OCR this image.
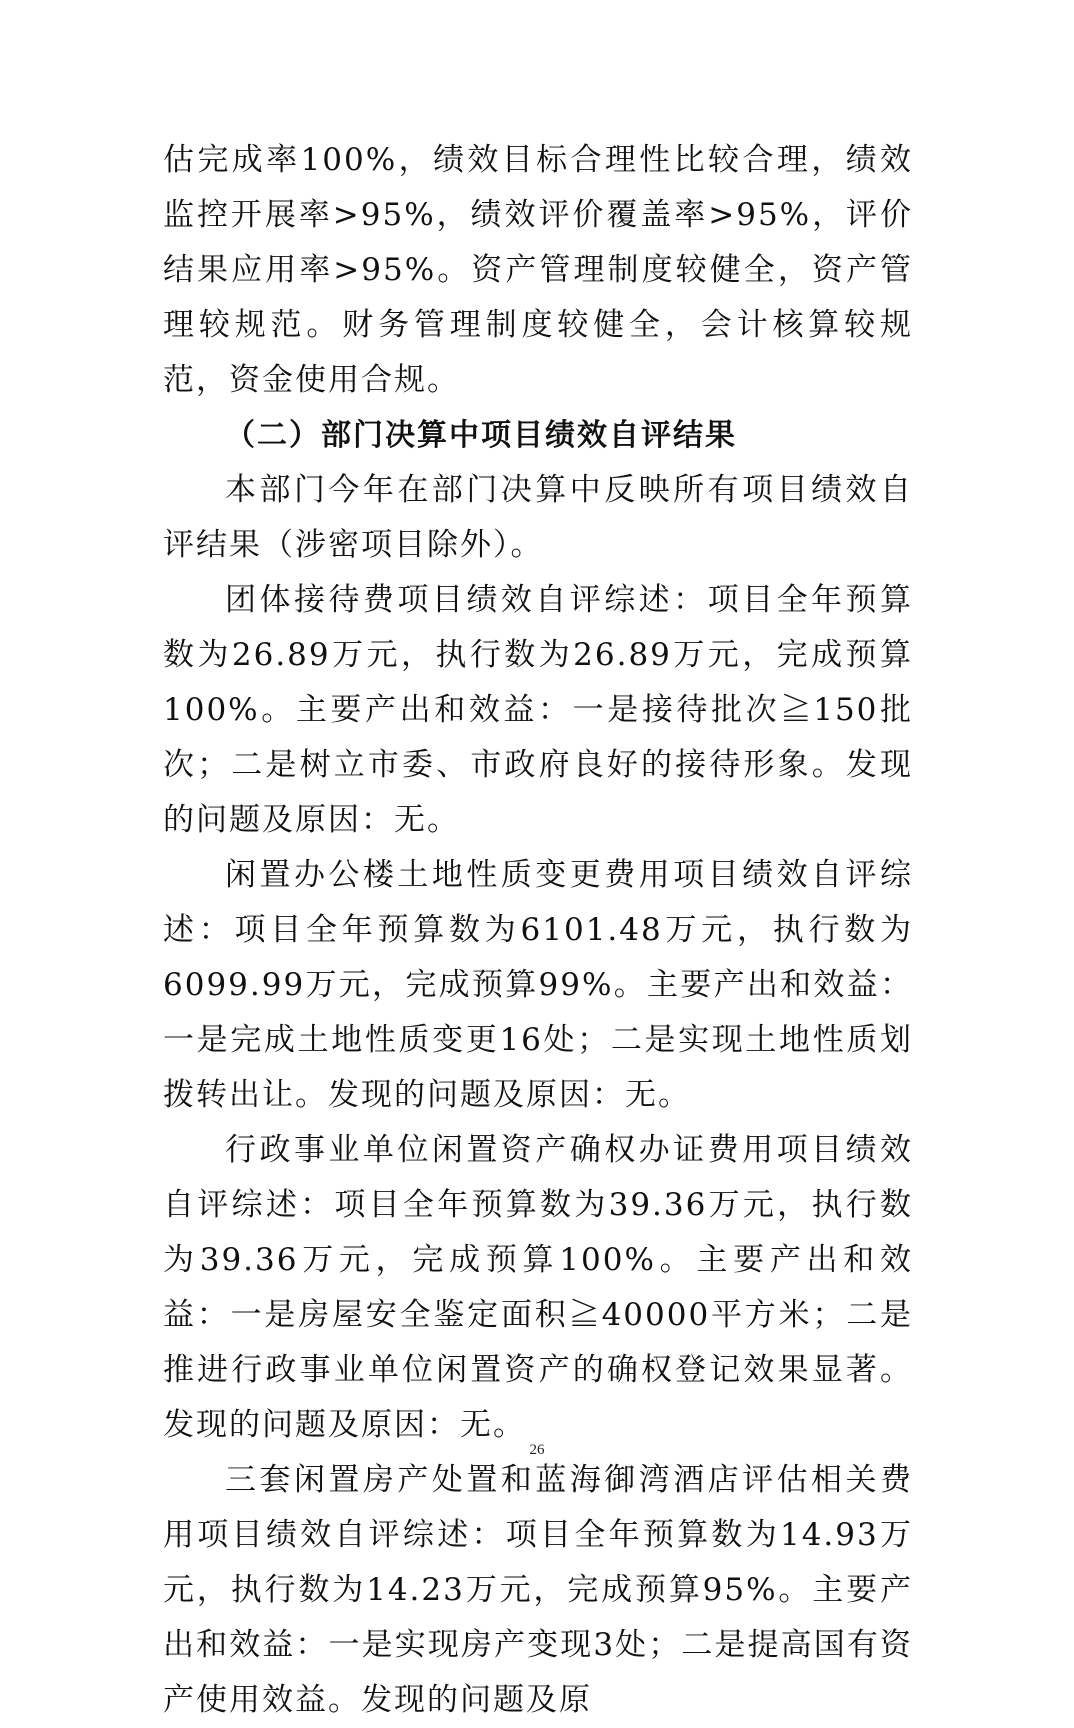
估完成率100%，绩效目标合理性比较合理，绩效监控开展率>95%，绩效评价覆盖率>95%，评价结果应用率>95%。资产管理制度较健全，资产管理较规范。财务管理制度较健全，会计核算较规范，资金使用合规。

（二）部门决算中项目绩效自评结果

本部门今年在部门决算中反映所有项目绩效自评结果（涉密项目除外）。

团体接待费项目绩效自评综述：项目全年预算数为26.89万元，执行数为26.89万元，完成预算100%。主要产出和效益：一是接待批次≧150批次；二是树立市委、市政府良好的接待形象。发现的问题及原因：无。

闲置办公楼土地性质变更费用项目绩效自评综述：项目全年预算数为6101.48万元，执行数为6099.99万元，完成预算99%。主要产出和效益：一是完成土地性质变更16处；二是实现土地性质划拨转出让。发现的问题及原因：无。

行政事业单位闲置资产确权办证费用项目绩效自评综述：项目全年预算数为39.36万元，执行数为39.36万元，完成预算100%。主要产出和效益：一是房屋安全鉴定面积≧40000平方米；二是推进行政事业单位闲置资产的确权登记效果显著。发现的问题及原因：无。

三套闲置房产处置和蓝海御湾酒店评估相关费用项目绩效自评综述：项目全年预算数为14.93万元，执行数为14.23万元，完成预算95%。主要产出和效益：一是实现房产变现3处；二是提高国有资产使用效益。发现的问题及原

26
